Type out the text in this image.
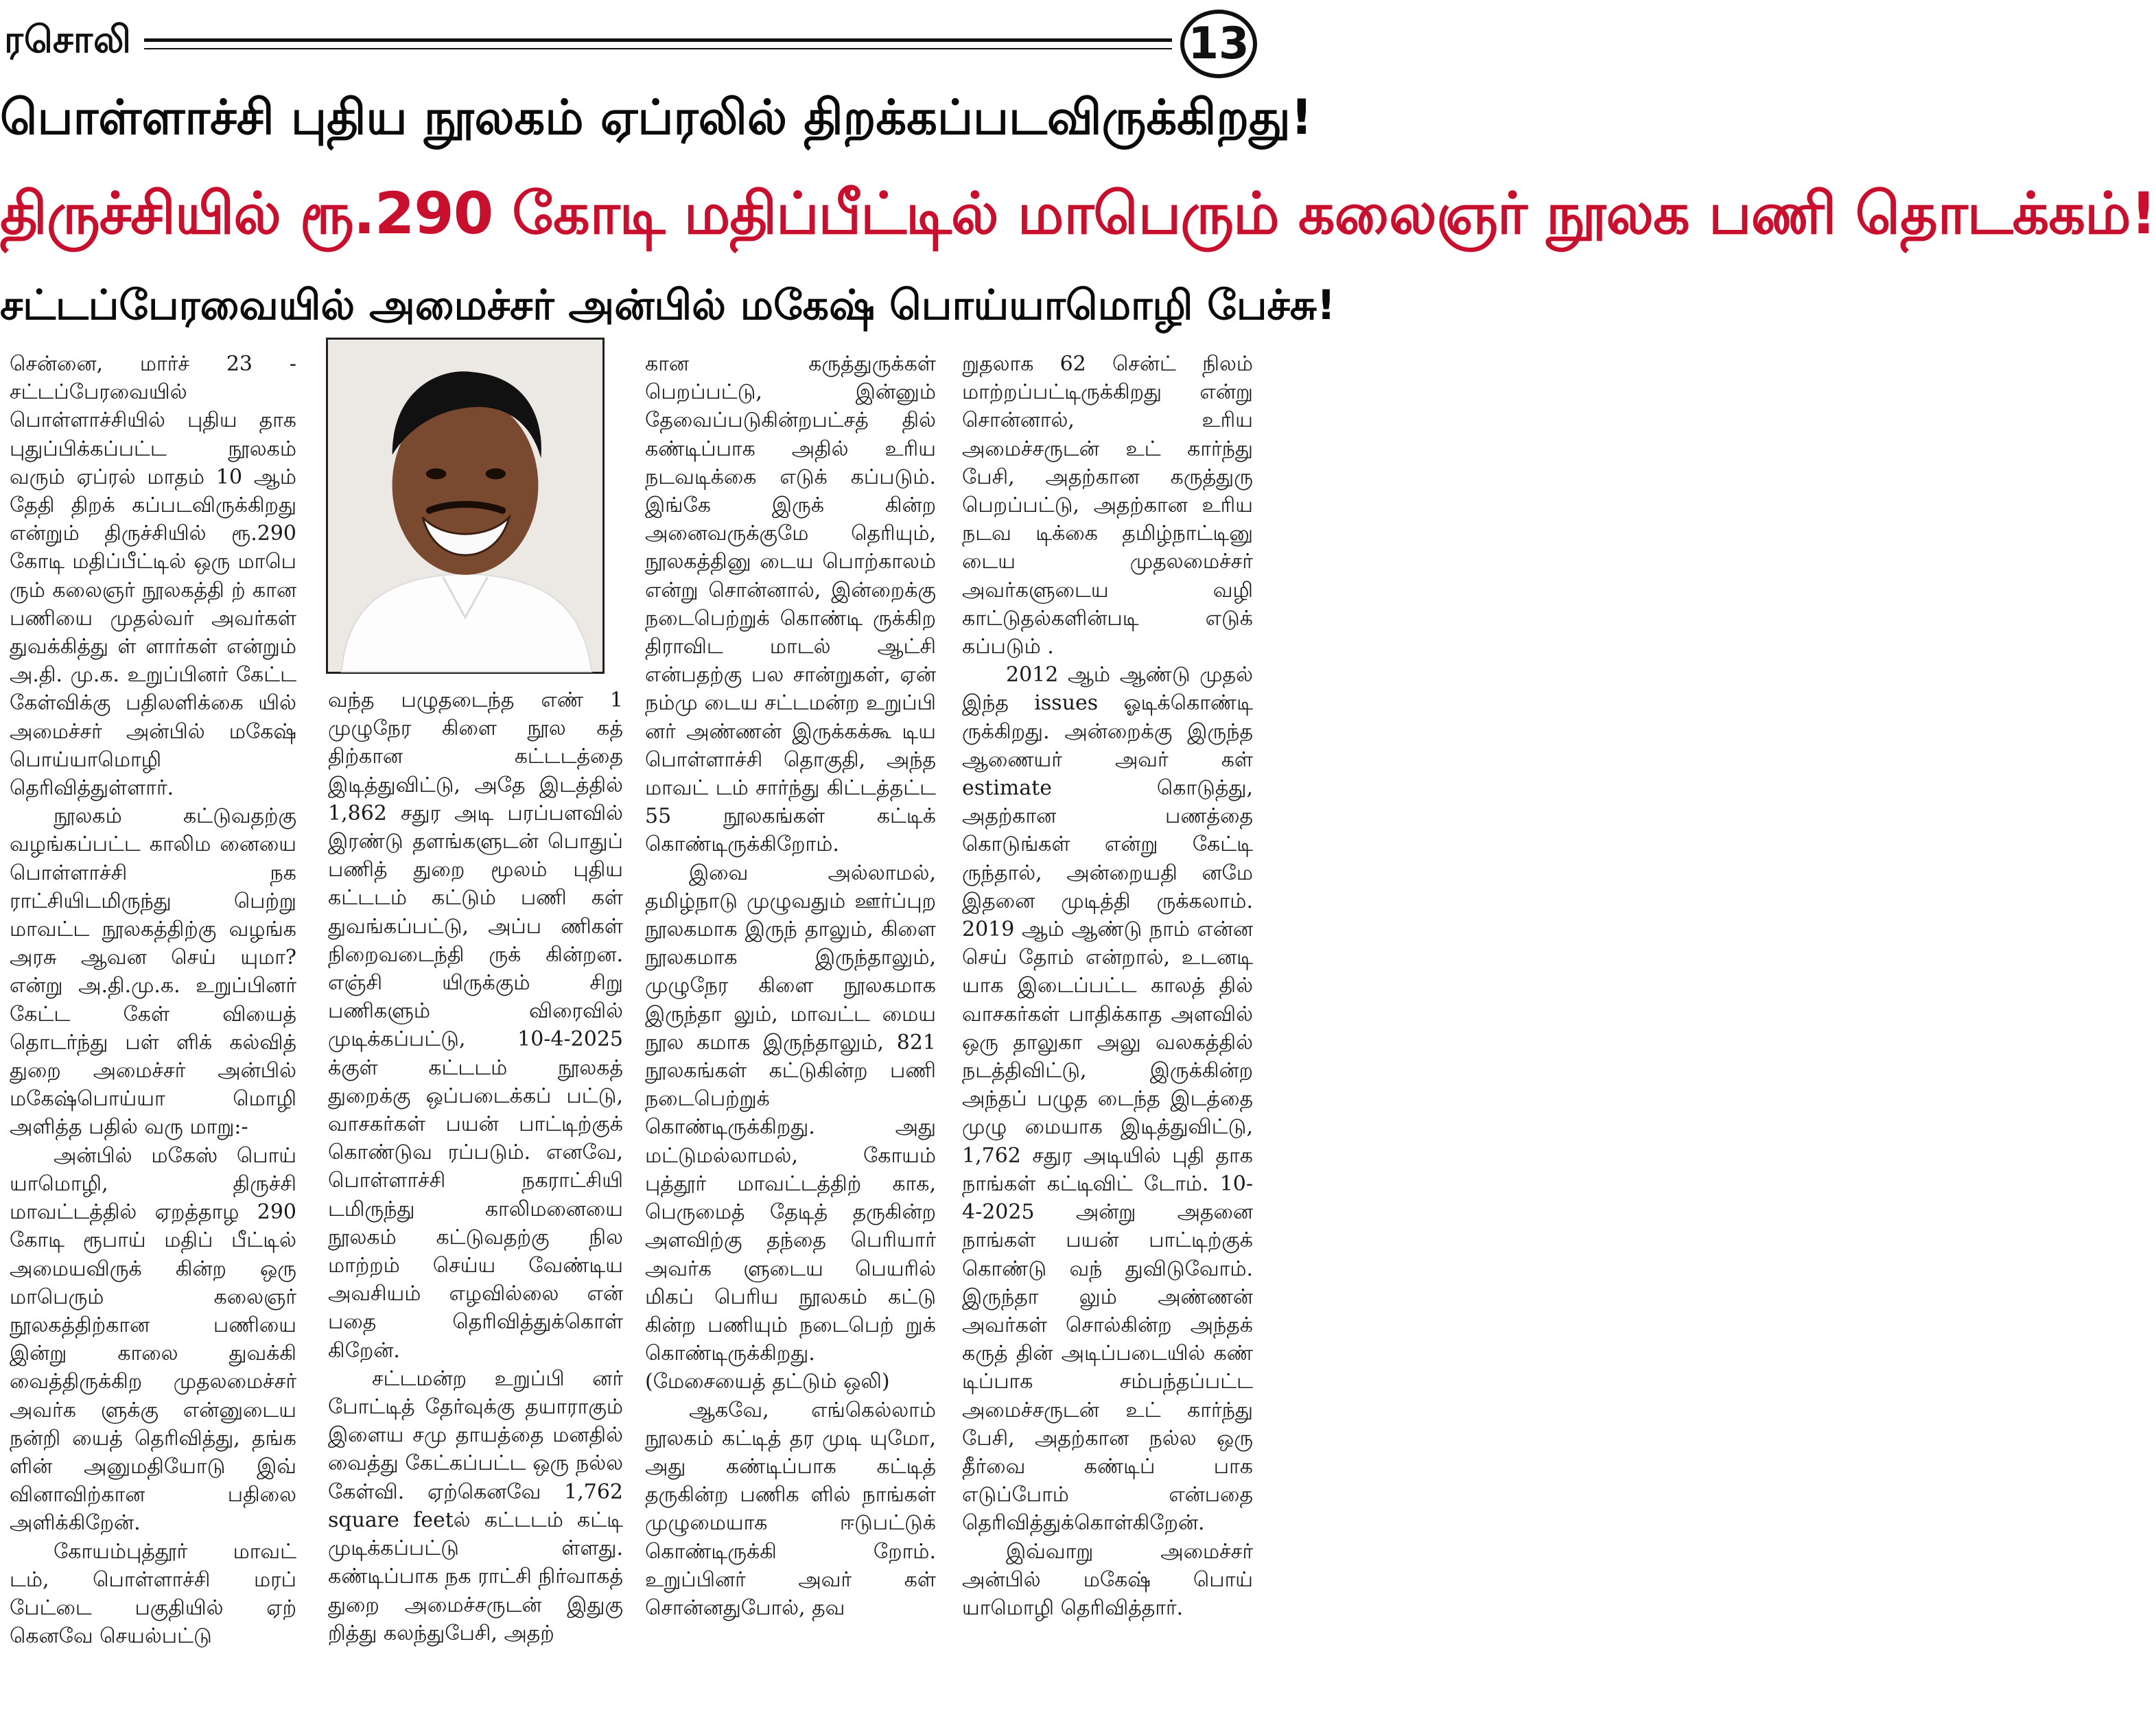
ரசொலி	13
பொள்ளாச்சி புதிய நூலகம் ஏப்ரலில் திறக்கப்படவிருக்கிறது!
திருச்சியில் ரூ.290 கோடி மதிப்பீட்டில் மாபெரும் கலைஞர் நூலக பணி தொடக்கம்!
சட்டப்பேரவையில் அமைச்சர் அன்பில் மகேஷ் பொய்யாமொழி பேச்சு!

சென்னை, மார்ச் 23 - சட்டப்பேரவையில் பொள்ளாச்சியில் புதிய தாக புதுப்பிக்கப்பட்ட நூலகம் வரும் ஏப்ரல் மாதம் 10 ஆம் தேதி திறக் கப்படவிருக்கிறது என்றும் திருச்சியில் ரூ.290 கோடி மதிப்பீட்டில் ஒரு மாபெ ரும் கலைஞர் நூலகத்தி ற் கான பணியை முதல்வர் அவர்கள் துவக்கித்து ள் ளார்கள் என்றும் அ.தி. மு.க. உறுப்பினர் கேட்ட கேள்விக்கு பதிலளிக்கை யில் அமைச்சர் அன்பில் மகேஷ் பொய்யாமொழி தெரிவித்துள்ளார்.

நூலகம் கட்டுவதற்கு வழங்கப்பட்ட காலிம னையை பொள்ளாச்சி நக ராட்சியிடமிருந்து பெற்று மாவட்ட நூலகத்திற்கு வழங்க அரசு ஆவன செய் யுமா? என்று அ.தி.மு.க. உறுப்பினர் கேட்ட கேள் வியைத் தொடர்ந்து பள் ளிக் கல்வித் துறை அமைச்சர் அன்பில் மகேஷ்பொய்யா மொழி அளித்த பதில் வரு மாறு:-

அன்பில் மகேஸ் பொய் யாமொழி, திருச்சி மாவட்டத்தில் ஏறத்தாழ 290 கோடி ரூபாய் மதிப் பீட்டில் அமையவிருக் கின்ற ஒரு மாபெரும் கலைஞர் நூலகத்திற்கான பணியை இன்று காலை துவக்கி வைத்திருக்கிற முதலமைச்சர் அவர்க ளுக்கு என்னுடைய நன்றி யைத் தெரிவித்து, தங்க ளின் அனுமதியோடு இவ் வினாவிற்கான பதிலை அளிக்கிறேன்.

கோயம்புத்தூர் மாவட் டம், பொள்ளாச்சி மரப் பேட்டை பகுதியில் ஏற் கெனவே செயல்பட்டு

வந்த பழுதடைந்த எண் 1 முழுநேர கிளை நூல கத் திற்கான கட்டடத்தை இடித்துவிட்டு, அதே இடத்தில் 1,862 சதுர அடி பரப்பளவில் இரண்டு தளங்களுடன் பொதுப் பணித் துறை மூலம் புதிய கட்டடம் கட்டும் பணி கள் துவங்கப்பட்டு, அப்ப ணிகள் நிறைவடைந்தி ருக் கின்றன. எஞ்சி யிருக்கும் சிறு பணிகளும் விரைவில் முடிக்கப்பட்டு, 10-4-2025 க்குள் கட்டடம் நூலகத் துறைக்கு ஒப்படைக்கப் பட்டு, வாசகர்கள் பயன் பாட்டிற்குக் கொண்டுவ ரப்படும். எனவே, பொள்ளாச்சி நகராட்சியி டமிருந்து காலிமனையை நூலகம் கட்டுவதற்கு நில மாற்றம் செய்ய வேண்டிய அவசியம் எழவில்லை என் பதை தெரிவித்துக்கொள் கிறேன்.

சட்டமன்ற உறுப்பி னர் போட்டித் தேர்வுக்கு தயாராகும் இளைய சமு தாயத்தை மனதில் வைத்து கேட்கப்பட்ட ஒரு நல்ல கேள்வி. ஏற்கெனவே 1,762 square feetல் கட்டடம் கட்டி முடிக்கப்பட்டு ள்ளது. கண்டிப்பாக நக ராட்சி நிர்வாகத் துறை அமைச்சருடன் இதுகு றித்து கலந்துபேசி, அதற்

கான கருத்துருக்கள் பெறப்பட்டு, இன்னும் தேவைப்படுகின்றபட்சத் தில் கண்டிப்பாக அதில் உரிய நடவடிக்கை எடுக் கப்படும். இங்கே இருக் கின்ற அனைவருக்குமே தெரியும், நூலகத்தினு டைய பொற்காலம் என்று சொன்னால், இன்றைக்கு நடைபெற்றுக் கொண்டி ருக்கிற திராவிட மாடல் ஆட்சி என்பதற்கு பல சான்றுகள், ஏன் நம்மு டைய சட்டமன்ற உறுப்பி னர் அண்ணன் இருக்கக்கூ டிய பொள்ளாச்சி தொகுதி, அந்த மாவட் டம் சார்ந்து கிட்டத்தட்ட 55 நூலகங்கள் கட்டிக் கொண்டிருக்கிறோம்.

இவை அல்லாமல், தமிழ்நாடு முழுவதும் ஊர்ப்புற நூலகமாக இருந் தாலும், கிளை நூலகமாக இருந்தாலும், முழுநேர கிளை நூலகமாக இருந்தா லும், மாவட்ட மைய நூல கமாக இருந்தாலும், 821 நூலகங்கள் கட்டுகின்ற பணி நடைபெற்றுக் கொண்டிருக்கிறது. அது மட்டுமல்லாமல், கோயம் புத்தூர் மாவட்டத்திற் காக, பெருமைத் தேடித் தருகின்ற அளவிற்கு தந்தை பெரியார் அவர்க ளுடைய பெயரில் மிகப் பெரிய நூலகம் கட்டு கின்ற பணியும் நடைபெற் றுக் கொண்டிருக்கிறது. (மேசையைத் தட்டும் ஒலி)

ஆகவே, எங்கெல்லாம் நூலகம் கட்டித் தர முடி யுமோ, அது கண்டிப்பாக கட்டித் தருகின்ற பணிக ளில் நாங்கள் முழுமையாக ஈடுபட்டுக் கொண்டிருக்கி றோம். உறுப்பினர் அவர் கள் சொன்னதுபோல், தவ

றுதலாக 62 சென்ட் நிலம் மாற்றப்பட்டிருக்கிறது என்று சொன்னால், உரிய அமைச்சருடன் உட் கார்ந்து பேசி, அதற்கான கருத்துரு பெறப்பட்டு, அதற்கான உரிய நடவ டிக்கை தமிழ்நாட்டினு டைய முதலமைச்சர் அவர்களுடைய வழி காட்டுதல்களின்படி எடுக் கப்படும் .

2012 ஆம் ஆண்டு முதல் இந்த issues ஓடிக்கொண்டி ருக்கிறது. அன்றைக்கு இருந்த ஆணையர் அவர் கள் estimate கொடுத்து, அதற்கான பணத்தை கொடுங்கள் என்று கேட்டி ருந்தால், அன்றையதி னமே இதனை முடித்தி ருக்கலாம். 2019 ஆம் ஆண்டு நாம் என்ன செய் தோம் என்றால், உடனடி யாக இடைப்பட்ட காலத் தில் வாசகர்கள் பாதிக்காத அளவில் ஒரு தாலுகா அலு வலகத்தில் நடத்திவிட்டு, இருக்கின்ற அந்தப் பழுத டைந்த இடத்தை முழு மையாக இடித்துவிட்டு, 1,762 சதுர அடியில் புதி தாக நாங்கள் கட்டிவிட் டோம். 10-4-2025 அன்று அதனை நாங்கள் பயன் பாட்டிற்குக் கொண்டு வந் துவிடுவோம். இருந்தா லும் அண்ணன் அவர்கள் சொல்கின்ற அந்தக் கருத் தின் அடிப்படையில் கண் டிப்பாக சம்பந்தப்பட்ட அமைச்சருடன் உட் கார்ந்து பேசி, அதற்கான நல்ல ஒரு தீர்வை கண்டிப் பாக எடுப்போம் என்பதை தெரிவித்துக்கொள்கிறேன்.

இவ்வாறு அமைச்சர் அன்பில் மகேஷ் பொய் யாமொழி தெரிவித்தார்.
